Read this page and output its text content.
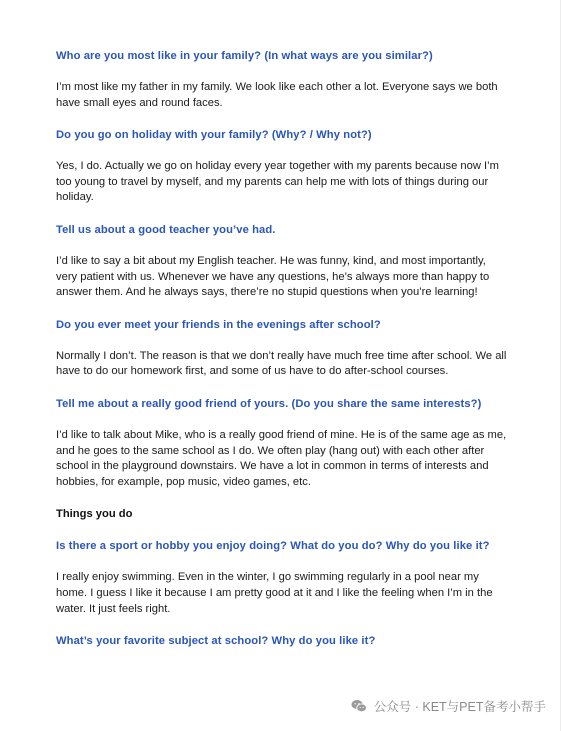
Who are you most like in your family? (In what ways are you similar?)

I’m most like my father in my family. We look like each other a lot. Everyone says we both have small eyes and round faces.

Do you go on holiday with your family? (Why? / Why not?)

Yes, I do. Actually we go on holiday every year together with my parents because now I’m too young to travel by myself, and my parents can help me with lots of things during our holiday.

Tell us about a good teacher you’ve had.

I’d like to say a bit about my English teacher. He was funny, kind, and most importantly, very patient with us. Whenever we have any questions, he’s always more than happy to answer them. And he always says, there’re no stupid questions when you’re learning!

Do you ever meet your friends in the evenings after school?

Normally I don’t. The reason is that we don’t really have much free time after school. We all have to do our homework first, and some of us have to do after-school courses.

Tell me about a really good friend of yours. (Do you share the same interests?)

I’d like to talk about Mike, who is a really good friend of mine. He is of the same age as me, and he goes to the same school as I do. We often play (hang out) with each other after school in the playground downstairs. We have a lot in common in terms of interests and hobbies, for example, pop music, video games, etc.

Things you do

Is there a sport or hobby you enjoy doing? What do you do? Why do you like it?

I really enjoy swimming. Even in the winter, I go swimming regularly in a pool near my home. I guess I like it because I am pretty good at it and I like the feeling when I’m in the water. It just feels right.

What’s your favorite subject at school? Why do you like it?

公众号 · KET与PET备考小帮手
